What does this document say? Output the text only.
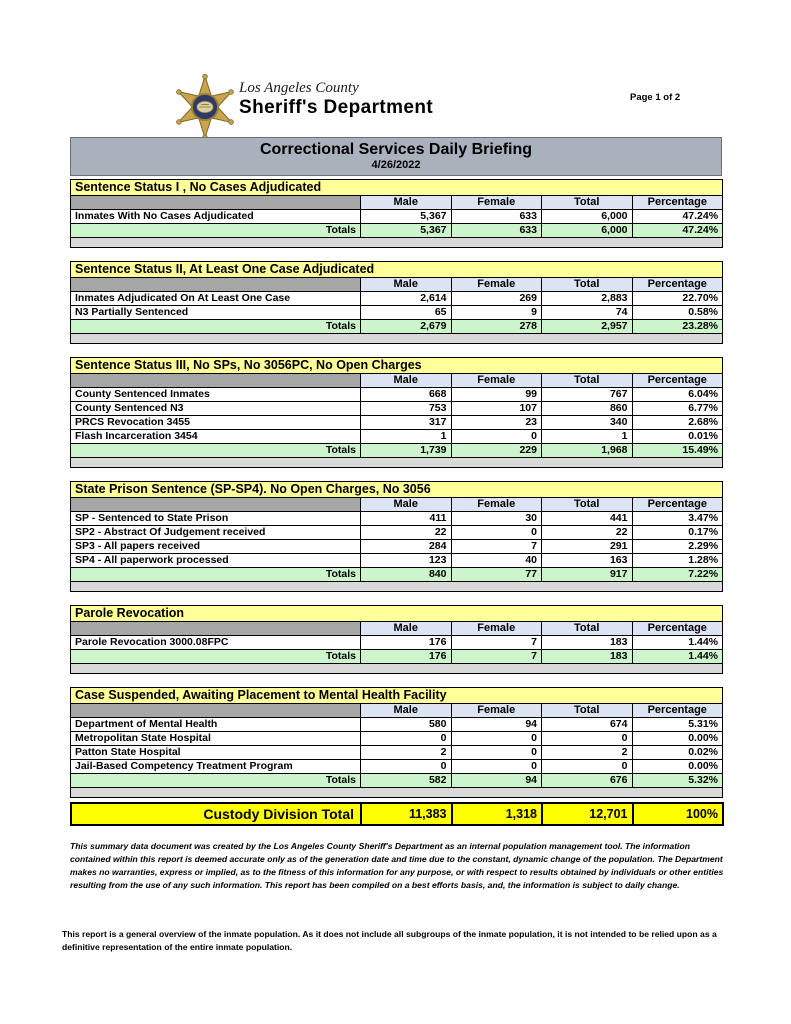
Los Angeles County
Sheriff's Department	Page 1 of 2
Correctional Services Daily Briefing
4/26/2022
Sentence Status I , No Cases Adjudicated				
	Male	Female	Total	Percentage
Inmates With No Cases Adjudicated	5,367	633	6,000	47.24%
Totals	5,367	633	6,000	47.24%

Sentence Status II, At Least One Case Adjudicated				
	Male	Female	Total	Percentage
Inmates Adjudicated On At Least One Case	2,614	269	2,883	22.70%
N3 Partially Sentenced	65	9	74	0.58%
Totals	2,679	278	2,957	23.28%

Sentence Status III, No SPs, No 3056PC, No Open Charges				
	Male	Female	Total	Percentage
County Sentenced Inmates	668	99	767	6.04%
County Sentenced N3	753	107	860	6.77%
PRCS Revocation 3455	317	23	340	2.68%
Flash Incarceration 3454	1	0	1	0.01%
Totals	1,739	229	1,968	15.49%

State Prison Sentence (SP-SP4). No Open Charges, No 3056				
	Male	Female	Total	Percentage
SP - Sentenced to State Prison	411	30	441	3.47%
SP2 - Abstract Of Judgement received	22	0	22	0.17%
SP3 - All papers received	284	7	291	2.29%
SP4 - All paperwork processed	123	40	163	1.28%
Totals	840	77	917	7.22%

Parole Revocation				
	Male	Female	Total	Percentage
Parole Revocation 3000.08FPC	176	7	183	1.44%
Totals	176	7	183	1.44%

Case Suspended, Awaiting Placement to Mental Health Facility				
	Male	Female	Total	Percentage
Department of Mental Health	580	94	674	5.31%
Metropolitan State Hospital	0	0	0	0.00%
Patton State Hospital	2	0	2	0.02%
Jail-Based Competency Treatment Program	0	0	0	0.00%
Totals	582	94	676	5.32%

Custody Division Total	11,383	1,318	12,701	100%

This summary data document was created by the Los Angeles County Sheriff's Department as an internal population management tool. The information contained within this report is deemed accurate only as of the generation date and time due to the constant, dynamic change of the population. The Department makes no warranties, express or implied, as to the fitness of this information for any purpose, or with respect to results obtained by individuals or other entities resulting from the use of any such information. This report has been compiled on a best efforts basis, and, the information is subject to daily change.

This report is a general overview of the inmate population. As it does not include all subgroups of the inmate population, it is not intended to be relied upon as a definitive representation of the entire inmate population.
